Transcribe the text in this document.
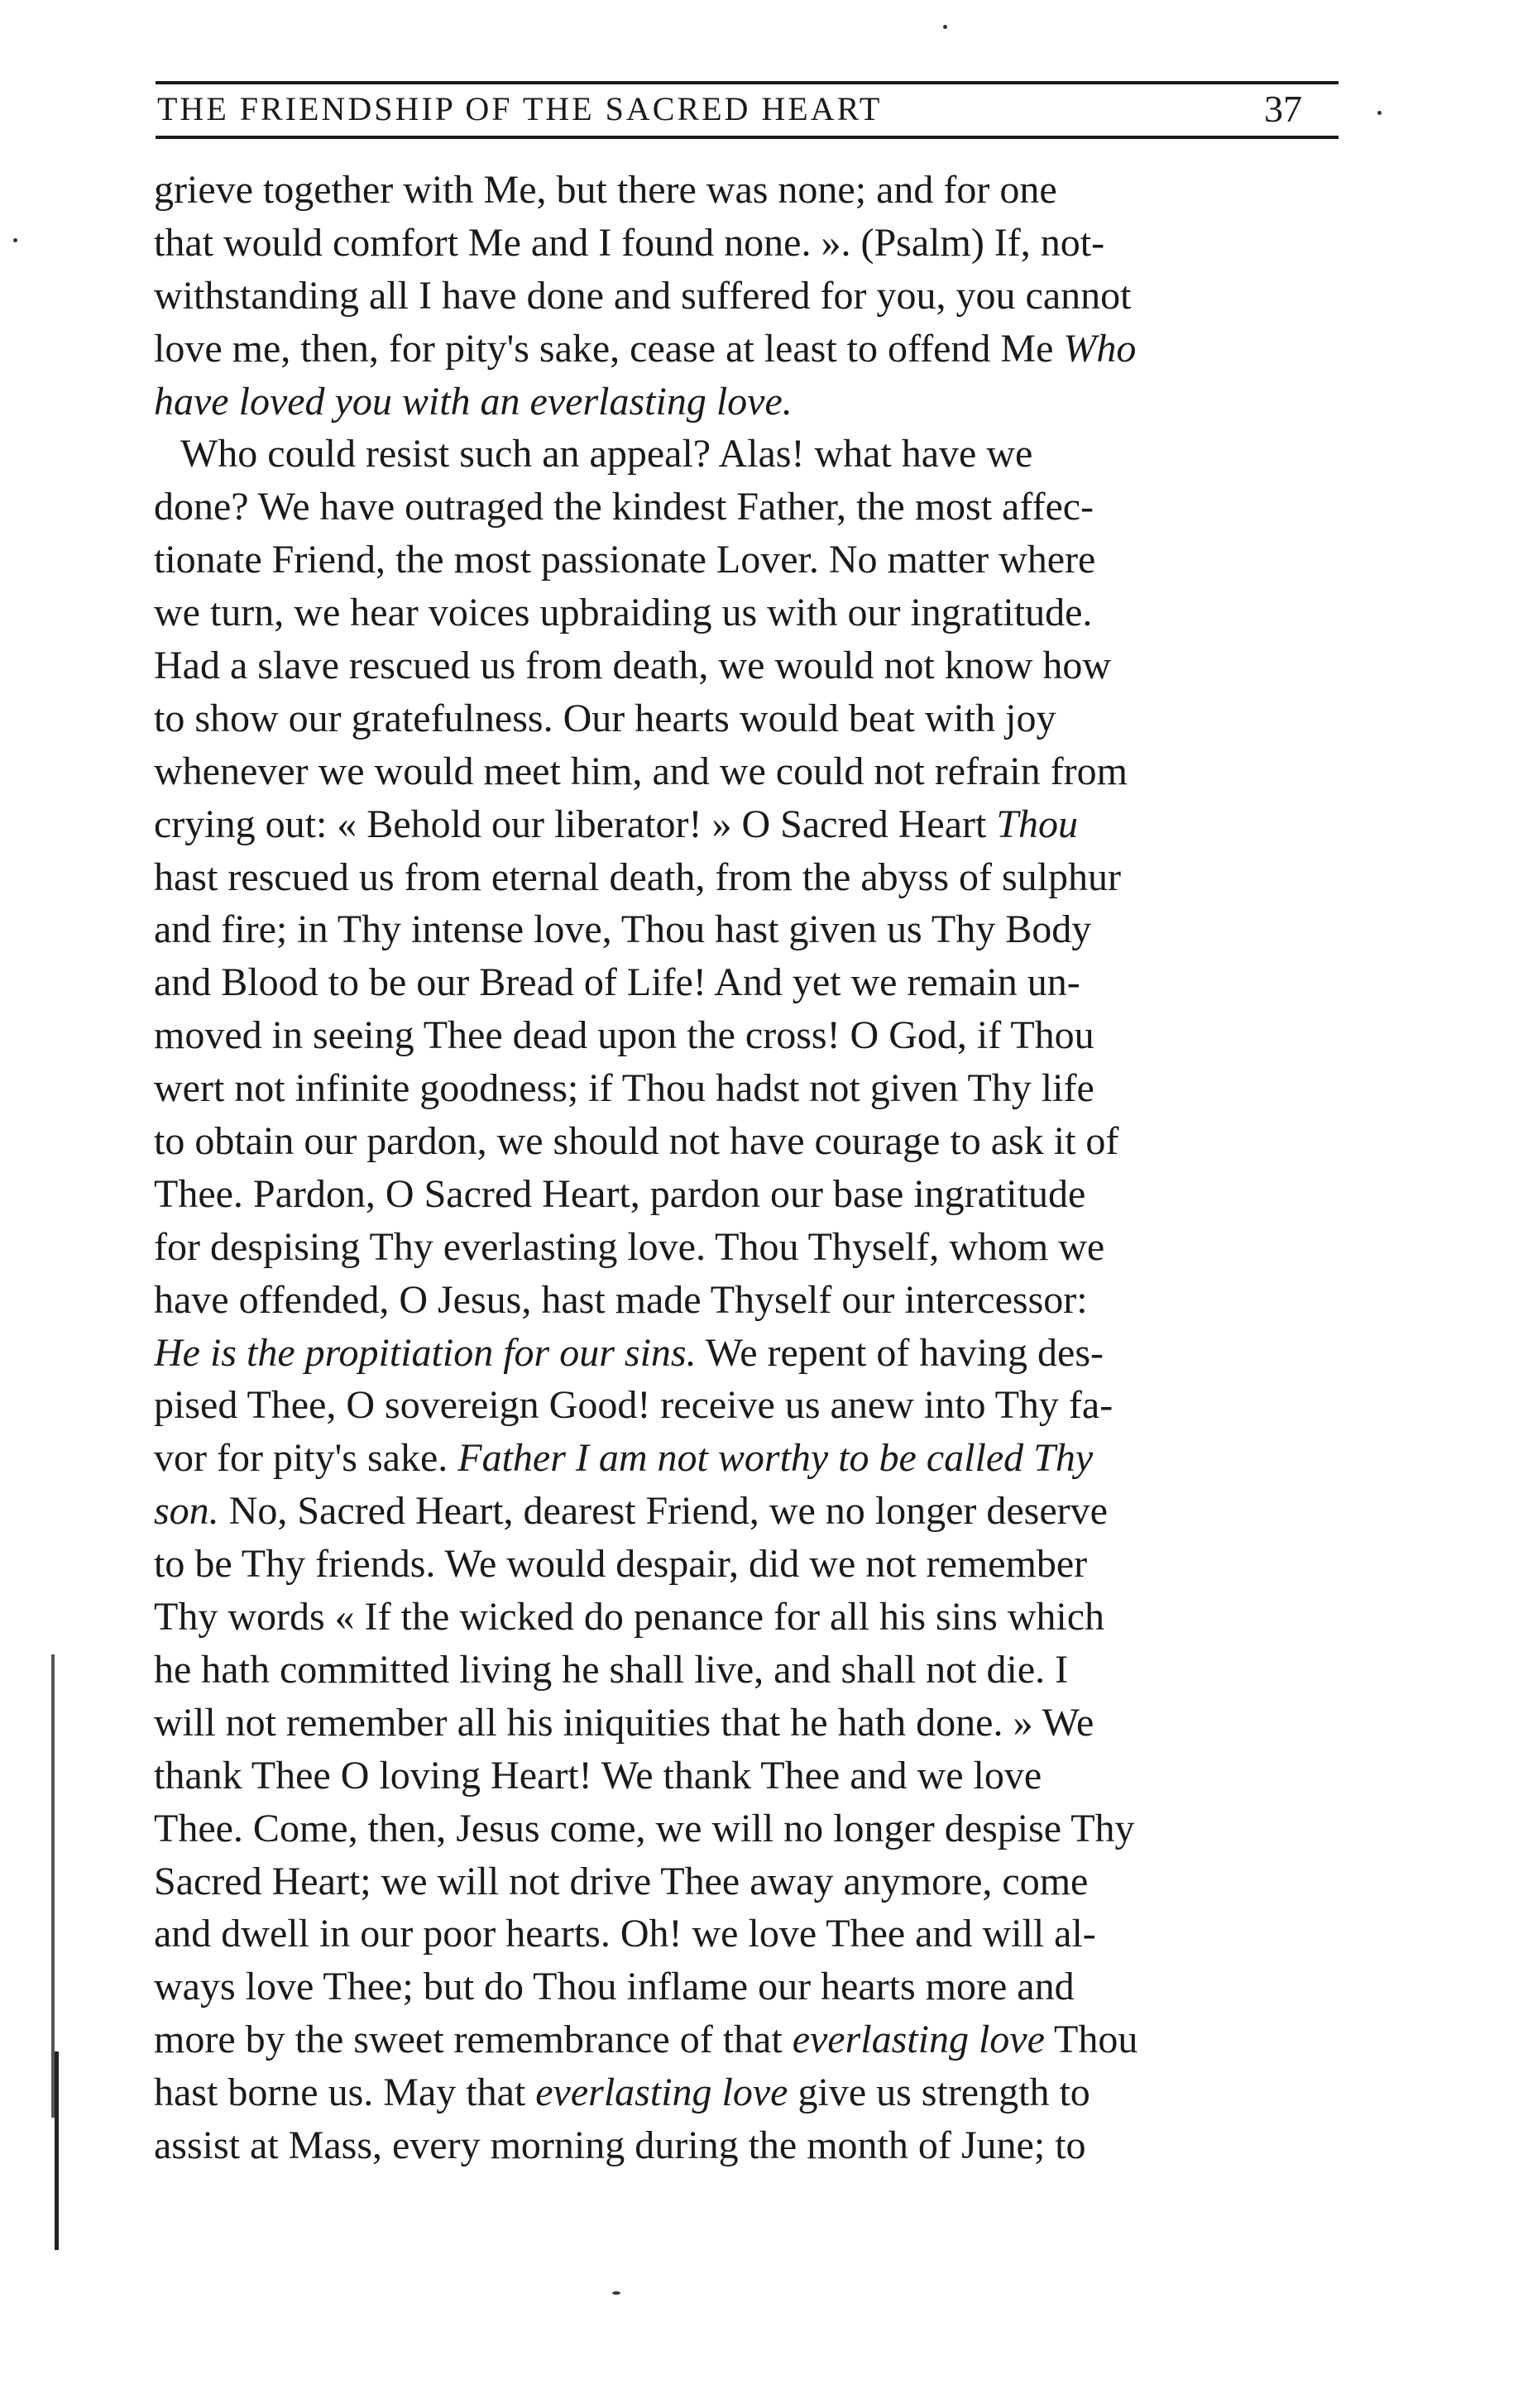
THE FRIENDSHIP OF THE SACRED HEART	37
grieve together with Me, but there was none; and for one
that would comfort Me and I found none. ». (Psalm) If, not-
withstanding all I have done and suffered for you, you cannot
love me, then, for pity's sake, cease at least to offend Me Who
have loved you with an everlasting love.
Who could resist such an appeal? Alas! what have we
done? We have outraged the kindest Father, the most affec-
tionate Friend, the most passionate Lover. No matter where
we turn, we hear voices upbraiding us with our ingratitude.
Had a slave rescued us from death, we would not know how
to show our gratefulness. Our hearts would beat with joy
whenever we would meet him, and we could not refrain from
crying out: « Behold our liberator! » O Sacred Heart Thou
hast rescued us from eternal death, from the abyss of sulphur
and fire; in Thy intense love, Thou hast given us Thy Body
and Blood to be our Bread of Life! And yet we remain un-
moved in seeing Thee dead upon the cross! O God, if Thou
wert not infinite goodness; if Thou hadst not given Thy life
to obtain our pardon, we should not have courage to ask it of
Thee. Pardon, O Sacred Heart, pardon our base ingratitude
for despising Thy everlasting love. Thou Thyself, whom we
have offended, O Jesus, hast made Thyself our intercessor:
He is the propitiation for our sins. We repent of having des-
pised Thee, O sovereign Good! receive us anew into Thy fa-
vor for pity's sake. Father I am not worthy to be called Thy
son. No, Sacred Heart, dearest Friend, we no longer deserve
to be Thy friends. We would despair, did we not remember
Thy words « If the wicked do penance for all his sins which
he hath committed living he shall live, and shall not die. I
will not remember all his iniquities that he hath done. » We
thank Thee O loving Heart! We thank Thee and we love
Thee. Come, then, Jesus come, we will no longer despise Thy
Sacred Heart; we will not drive Thee away anymore, come
and dwell in our poor hearts. Oh! we love Thee and will al-
ways love Thee; but do Thou inflame our hearts more and
more by the sweet remembrance of that everlasting love Thou
hast borne us. May that everlasting love give us strength to
assist at Mass, every morning during the month of June; to
